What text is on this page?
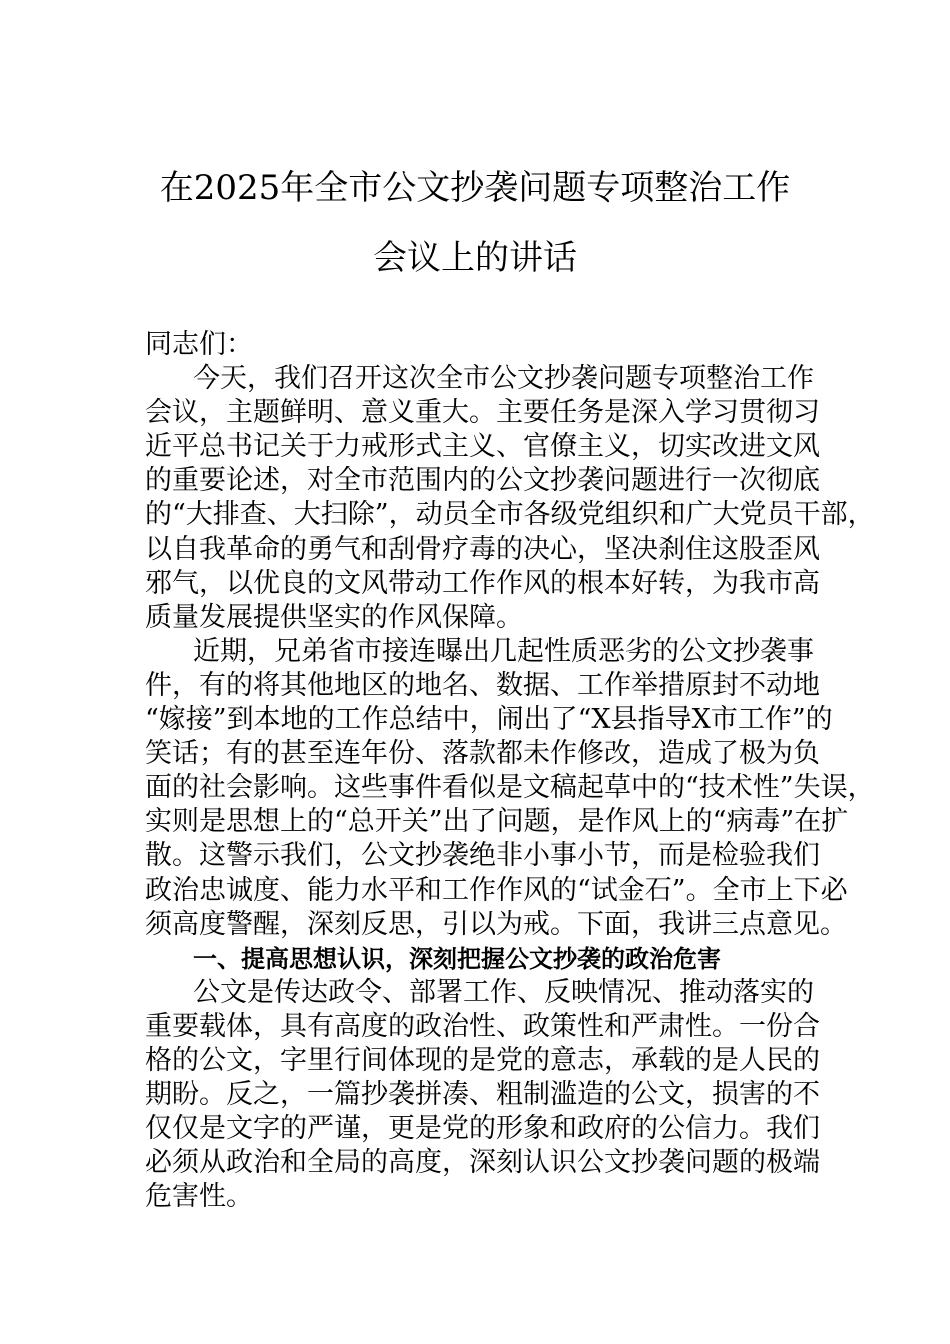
在2025年全市公文抄袭问题专项整治工作
会议上的讲话
同志们：
今天，我们召开这次全市公文抄袭问题专项整治工作
会议，主题鲜明、意义重大。主要任务是深入学习贯彻习
近平总书记关于力戒形式主义、官僚主义，切实改进文风
的重要论述，对全市范围内的公文抄袭问题进行一次彻底
的“大排查、大扫除”，动员全市各级党组织和广大党员干部，
以自我革命的勇气和刮骨疗毒的决心，坚决刹住这股歪风
邪气，以优良的文风带动工作作风的根本好转，为我市高
质量发展提供坚实的作风保障。
近期，兄弟省市接连曝出几起性质恶劣的公文抄袭事
件，有的将其他地区的地名、数据、工作举措原封不动地
“嫁接”到本地的工作总结中，闹出了“X县指导X市工作”的
笑话；有的甚至连年份、落款都未作修改，造成了极为负
面的社会影响。这些事件看似是文稿起草中的“技术性”失误，
实则是思想上的“总开关”出了问题，是作风上的“病毒”在扩
散。这警示我们，公文抄袭绝非小事小节，而是检验我们
政治忠诚度、能力水平和工作作风的“试金石”。全市上下必
须高度警醒，深刻反思，引以为戒。下面，我讲三点意见。
一、提高思想认识，深刻把握公文抄袭的政治危害
公文是传达政令、部署工作、反映情况、推动落实的
重要载体，具有高度的政治性、政策性和严肃性。一份合
格的公文，字里行间体现的是党的意志，承载的是人民的
期盼。反之，一篇抄袭拼凑、粗制滥造的公文，损害的不
仅仅是文字的严谨，更是党的形象和政府的公信力。我们
必须从政治和全局的高度，深刻认识公文抄袭问题的极端
危害性。
